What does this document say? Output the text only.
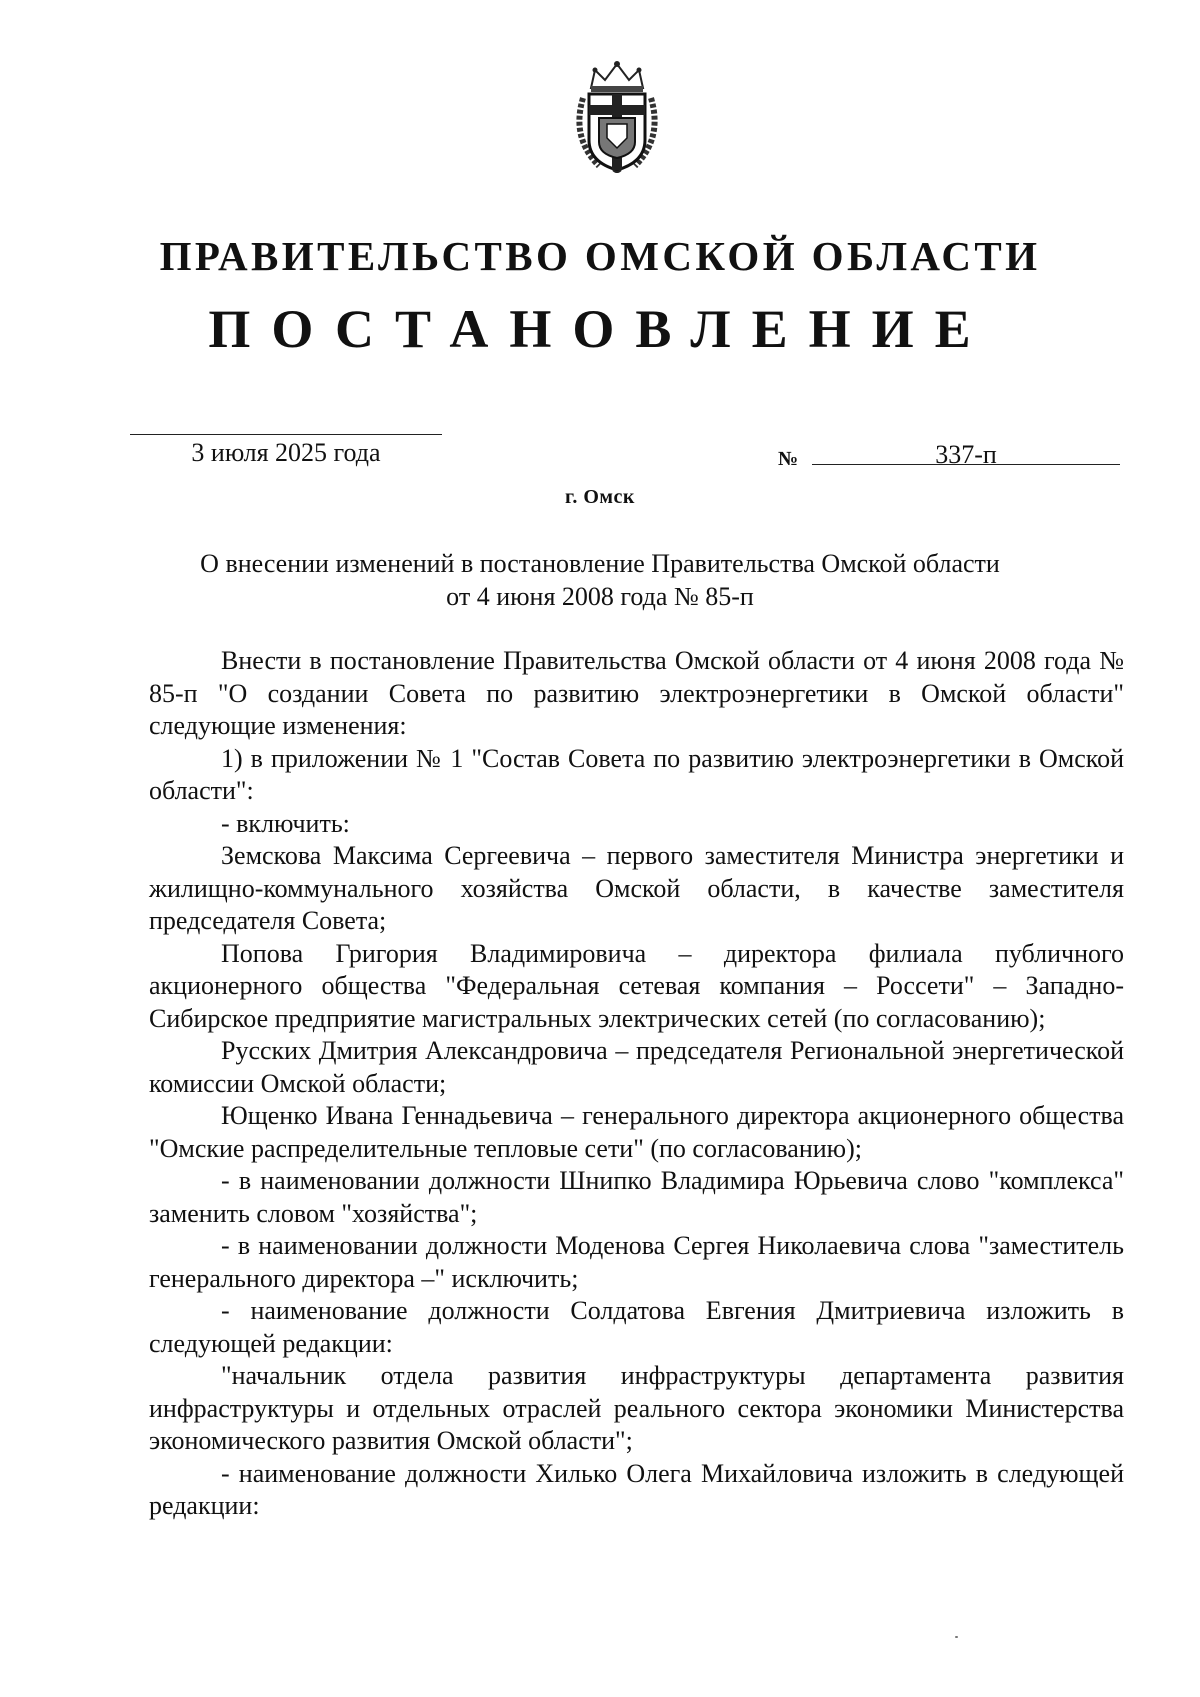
ПРАВИТЕЛЬСТВО ОМСКОЙ ОБЛАСТИ
ПОСТАНОВЛЕНИЕ
3 июля 2025 года	№	337-п
г. Омск
О внесении изменений в постановление Правительства Омской области
от 4 июня 2008 года № 85-п
Внести в постановление Правительства Омской области от 4 июня 2008 года № 85-п "О создании Совета по развитию электроэнергетики в Омской области" следующие изменения:
1) в приложении № 1 "Состав Совета по развитию электроэнергетики в Омской области":
- включить:
Земскова Максима Сергеевича – первого заместителя Министра энергетики и жилищно-коммунального хозяйства Омской области, в качестве заместителя председателя Совета;
Попова Григория Владимировича – директора филиала публичного акционерного общества "Федеральная сетевая компания – Россети" – Западно-Сибирское предприятие магистральных электрических сетей (по согласованию);
Русских Дмитрия Александровича – председателя Региональной энергетической комиссии Омской области;
Ющенко Ивана Геннадьевича – генерального директора акционерного общества "Омские распределительные тепловые сети" (по согласованию);
- в наименовании должности Шнипко Владимира Юрьевича слово "комплекса" заменить словом "хозяйства";
- в наименовании должности Моденова Сергея Николаевича слова "заместитель генерального директора –" исключить;
- наименование должности Солдатова Евгения Дмитриевича изложить в следующей редакции:
"начальник отдела развития инфраструктуры департамента развития инфраструктуры и отдельных отраслей реального сектора экономики Министерства экономического развития Омской области";
- наименование должности Хилько Олега Михайловича изложить в следующей редакции:
